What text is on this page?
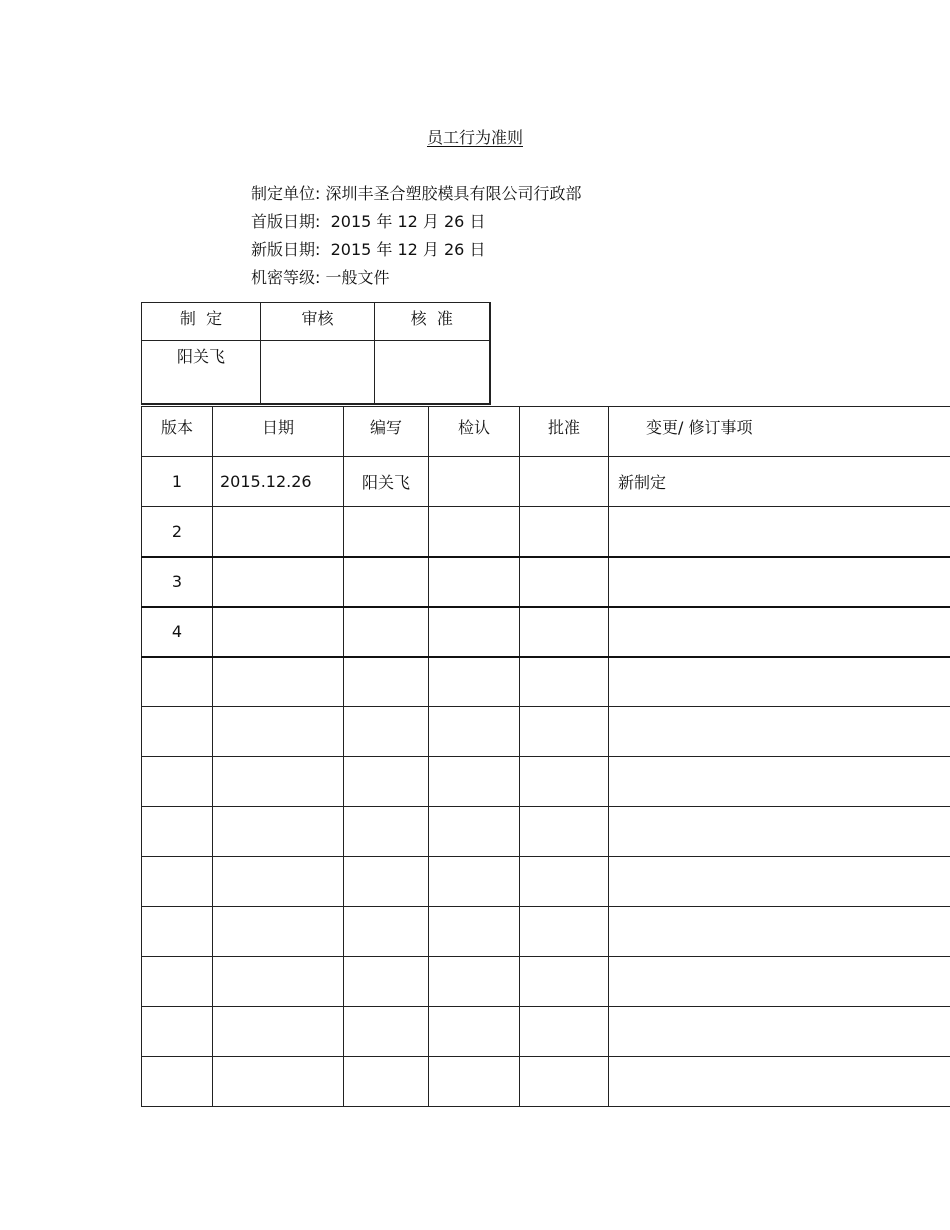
员工行为准则
制定单位: 深圳丰圣合塑胶模具有限公司行政部
首版日期: 2015 年 12 月 26 日
新版日期: 2015 年 12 月 26 日
机密等级: 一般文件
制  定	审核	核  准
阳关飞		
版本	日期	编写	检认	批准	变更/ 修订事项
1	2015.12.26	阳关飞			新制定
2					
3					
4					
